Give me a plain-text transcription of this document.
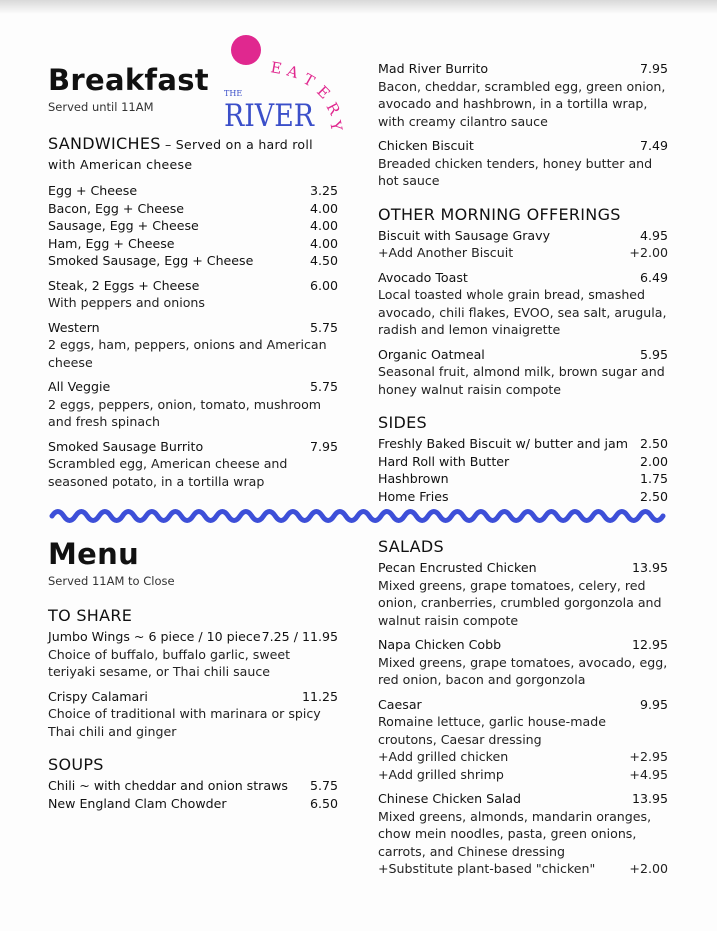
E A T
E
R
Y
THE
RIVER
Breakfast
Served until 11AM
SANDWICHES – Served on a hard roll with American cheese
Egg + Cheese	3.25
Bacon, Egg + Cheese	4.00
Sausage, Egg + Cheese	4.00
Ham, Egg + Cheese	4.00
Smoked Sausage, Egg + Cheese	4.50
Steak, 2 Eggs + Cheese	6.00
With peppers and onions
Western	5.75
2 eggs, ham, peppers, onions and American cheese
All Veggie	5.75
2 eggs, peppers, onion, tomato, mushroom and fresh spinach
Smoked Sausage Burrito	7.95
Scrambled egg, American cheese and seasoned potato, in a tortilla wrap
Mad River Burrito	7.95
Bacon, cheddar, scrambled egg, green onion, avocado and hashbrown, in a tortilla wrap, with creamy cilantro sauce
Chicken Biscuit	7.49
Breaded chicken tenders, honey butter and hot sauce
OTHER MORNING OFFERINGS
Biscuit with Sausage Gravy	4.95
+Add Another Biscuit	+2.00
Avocado Toast	6.49
Local toasted whole grain bread, smashed avocado, chili flakes, EVOO, sea salt, arugula, radish and lemon vinaigrette
Organic Oatmeal	5.95
Seasonal fruit, almond milk, brown sugar and honey walnut raisin compote
SIDES
Freshly Baked Biscuit w/ butter and jam 2.50
Hard Roll with Butter	2.00
Hashbrown	1.75
Home Fries	2.50
Menu
Served 11AM to Close
TO SHARE
Jumbo Wings ~ 6 piece / 10 piece 7.25 / 11.95
Choice of buffalo, buffalo garlic, sweet teriyaki sesame, or Thai chili sauce
Crispy Calamari	11.25
Choice of traditional with marinara or spicy Thai chili and ginger
SOUPS
Chili ~ with cheddar and onion straws	5.75
New England Clam Chowder	6.50
SALADS
Pecan Encrusted Chicken	13.95
Mixed greens, grape tomatoes, celery, red onion, cranberries, crumbled gorgonzola and walnut raisin compote
Napa Chicken Cobb	12.95
Mixed greens, grape tomatoes, avocado, egg, red onion, bacon and gorgonzola
Caesar	9.95
Romaine lettuce, garlic house-made croutons, Caesar dressing
+Add grilled chicken	+2.95
+Add grilled shrimp	+4.95
Chinese Chicken Salad	13.95
Mixed greens, almonds, mandarin oranges, chow mein noodles, pasta, green onions, carrots, and Chinese dressing
+Substitute plant-based "chicken"	+2.00
